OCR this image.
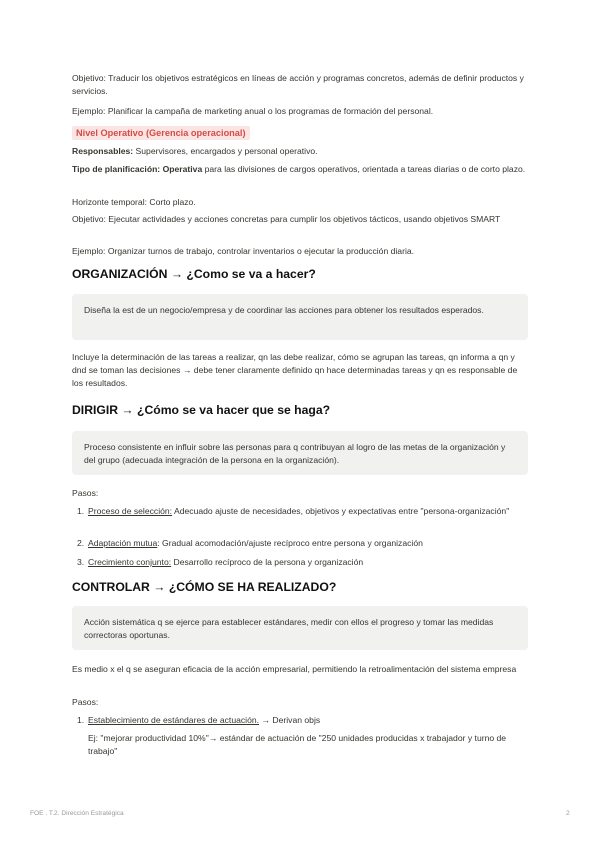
Objetivo: Traducir los objetivos estratégicos en líneas de acción y programas concretos, además de definir productos y servicios.

Ejemplo: Planificar la campaña de marketing anual o los programas de formación del personal.

Nivel Operativo (Gerencia operacional)

Responsables: Supervisores, encargados y personal operativo.

Tipo de planificación: Operativa para las divisiones de cargos operativos, orientada a tareas diarias o de corto plazo.

Horizonte temporal: Corto plazo.

Objetivo: Ejecutar actividades y acciones concretas para cumplir los objetivos tácticos, usando objetivos SMART

Ejemplo: Organizar turnos de trabajo, controlar inventarios o ejecutar la producción diaria.

ORGANIZACIÓN → ¿Como se va a hacer?
Diseña la est de un negocio/empresa y de coordinar las acciones para obtener los resultados esperados.

Incluye la determinación de las tareas a realizar, qn las debe realizar, cómo se agrupan las tareas, qn informa a qn y dnd se toman las decisiones → debe tener claramente definido qn hace determinadas tareas y qn es responsable de los resultados.

DIRIGIR → ¿Cómo se va hacer que se haga?
Proceso consistente en influir sobre las personas para q contribuyan al logro de las metas de la organización y del grupo (adecuada integración de la persona en la organización).

Pasos:

1. Proceso de selección: Adecuado ajuste de necesidades, objetivos y expectativas entre "persona-organización"
2. Adaptación mutua: Gradual acomodación/ajuste recíproco entre persona y organización
3. Crecimiento conjunto: Desarrollo recíproco de la persona y organización
CONTROLAR → ¿CÓMO SE HA REALIZADO?
Acción sistemática q se ejerce para establecer estándares, medir con ellos el progreso y tomar las medidas correctoras oportunas.

Es medio x el q se aseguran eficacia de la acción empresarial, permitiendo la retroalimentación del sistema empresa

Pasos:

1. Establecimiento de estándares de actuación. → Derivan objs
Ej: "mejorar productividad 10%"→ estándar de actuación de "250 unidades producidas x trabajador y turno de trabajo"
FOE . T.2. Dirección Estratégica	2
